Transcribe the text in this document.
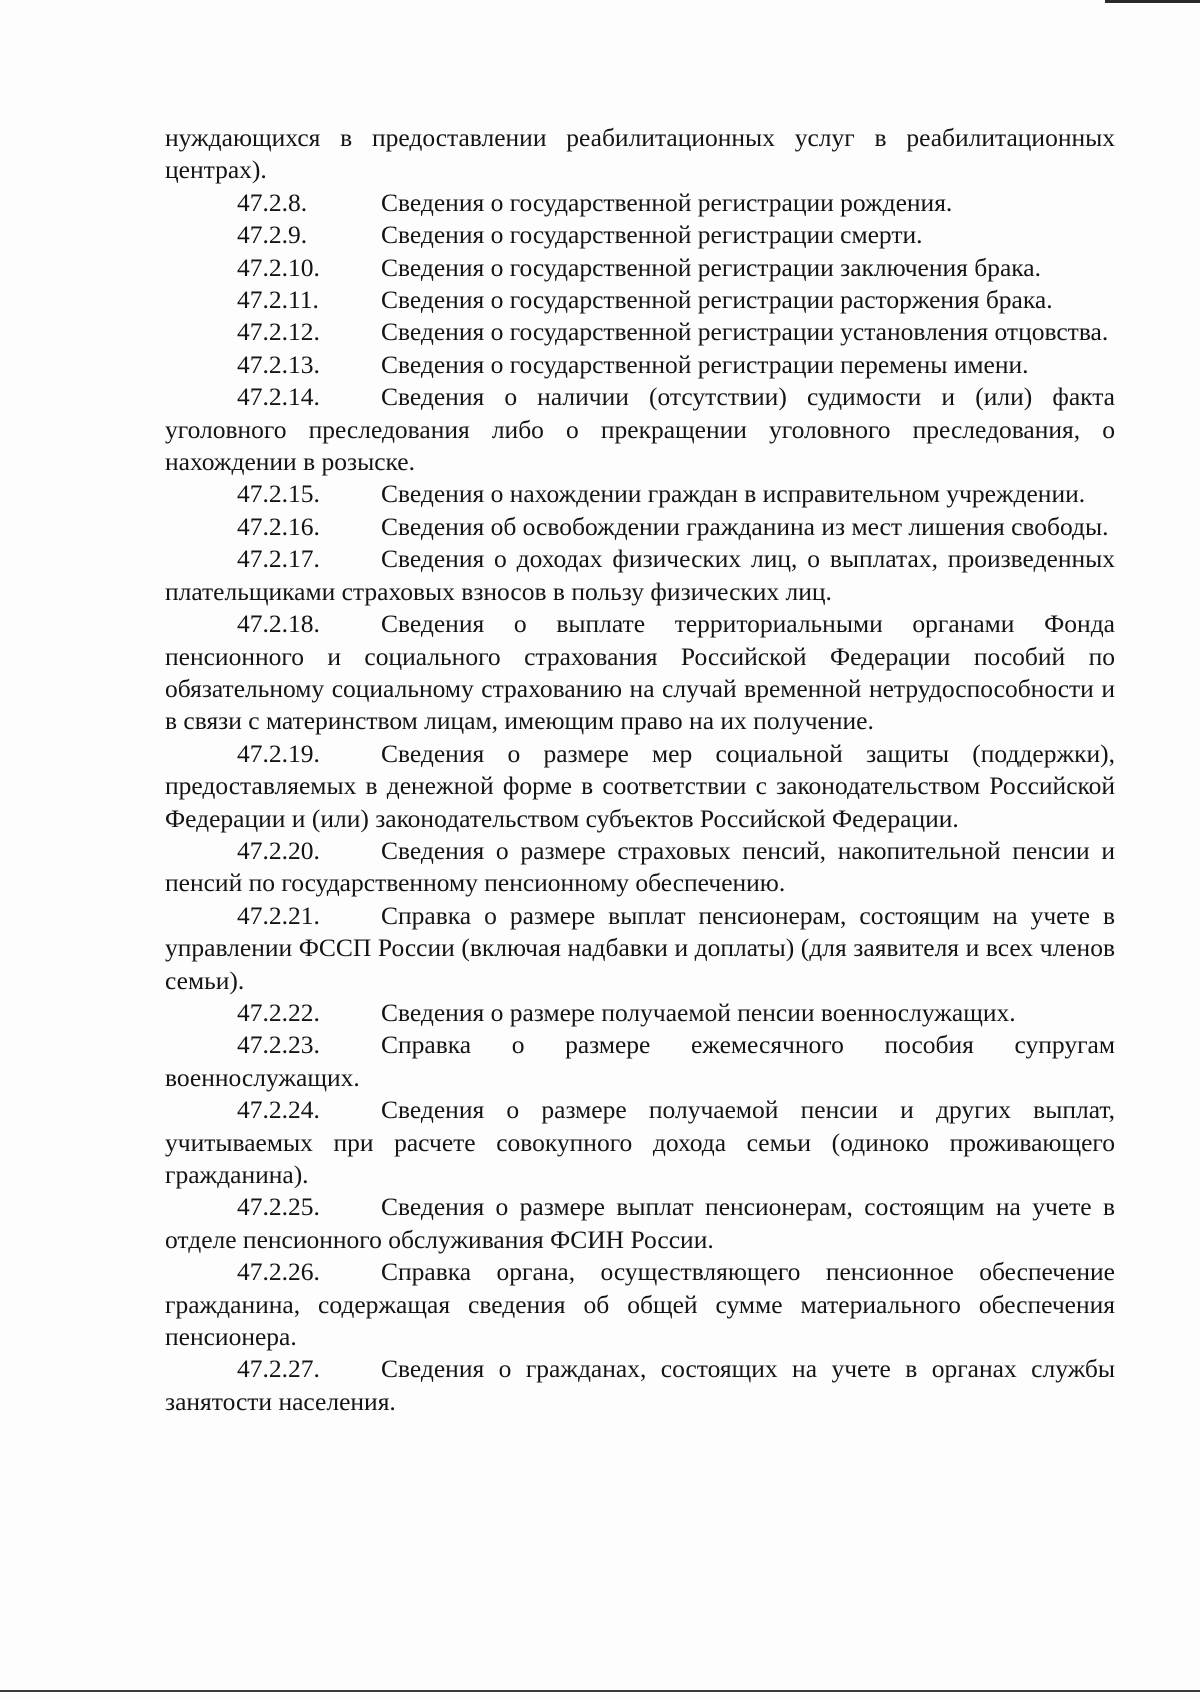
нуждающихся в предоставлении реабилитационных услуг в реабилитационных центрах).

47.2.8.	Сведения о государственной регистрации рождения.

47.2.9.	Сведения о государственной регистрации смерти.

47.2.10. Сведения о государственной регистрации заключения брака.

47.2.11. Сведения о государственной регистрации расторжения брака.

47.2.12. Сведения о государственной регистрации установления отцовства.

47.2.13. Сведения о государственной регистрации перемены имени.

47.2.14. Сведения о наличии (отсутствии) судимости и (или) факта уголовного преследования либо о прекращении уголовного преследования, о нахождении в розыске.

47.2.15. Сведения о нахождении граждан в исправительном учреждении.

47.2.16. Сведения об освобождении гражданина из мест лишения свободы.

47.2.17. Сведения о доходах физических лиц, о выплатах, произведенных плательщиками страховых взносов в пользу физических лиц.

47.2.18. Сведения о выплате территориальными органами Фонда пенсионного и социального страхования Российской Федерации пособий по обязательному социальному страхованию на случай временной нетрудоспособности и в связи с материнством лицам, имеющим право на их получение.

47.2.19. Сведения о размере мер социальной защиты (поддержки), предоставляемых в денежной форме в соответствии с законодательством Российской Федерации и (или) законодательством субъектов Российской Федерации.

47.2.20. Сведения о размере страховых пенсий, накопительной пенсии и пенсий по государственному пенсионному обеспечению.

47.2.21. Справка о размере выплат пенсионерам, состоящим на учете в управлении ФССП России (включая надбавки и доплаты) (для заявителя и всех членов семьи).

47.2.22. Сведения о размере получаемой пенсии военнослужащих.

47.2.23. Справка о размере ежемесячного пособия супругам военнослужащих.

47.2.24. Сведения о размере получаемой пенсии и других выплат, учитываемых при расчете совокупного дохода семьи (одиноко проживающего гражданина).

47.2.25. Сведения о размере выплат пенсионерам, состоящим на учете в отделе пенсионного обслуживания ФСИН России.

47.2.26. Справка органа, осуществляющего пенсионное обеспечение гражданина, содержащая сведения об общей сумме материального обеспечения пенсионера.

47.2.27. Сведения о гражданах, состоящих на учете в органах службы занятости населения.
